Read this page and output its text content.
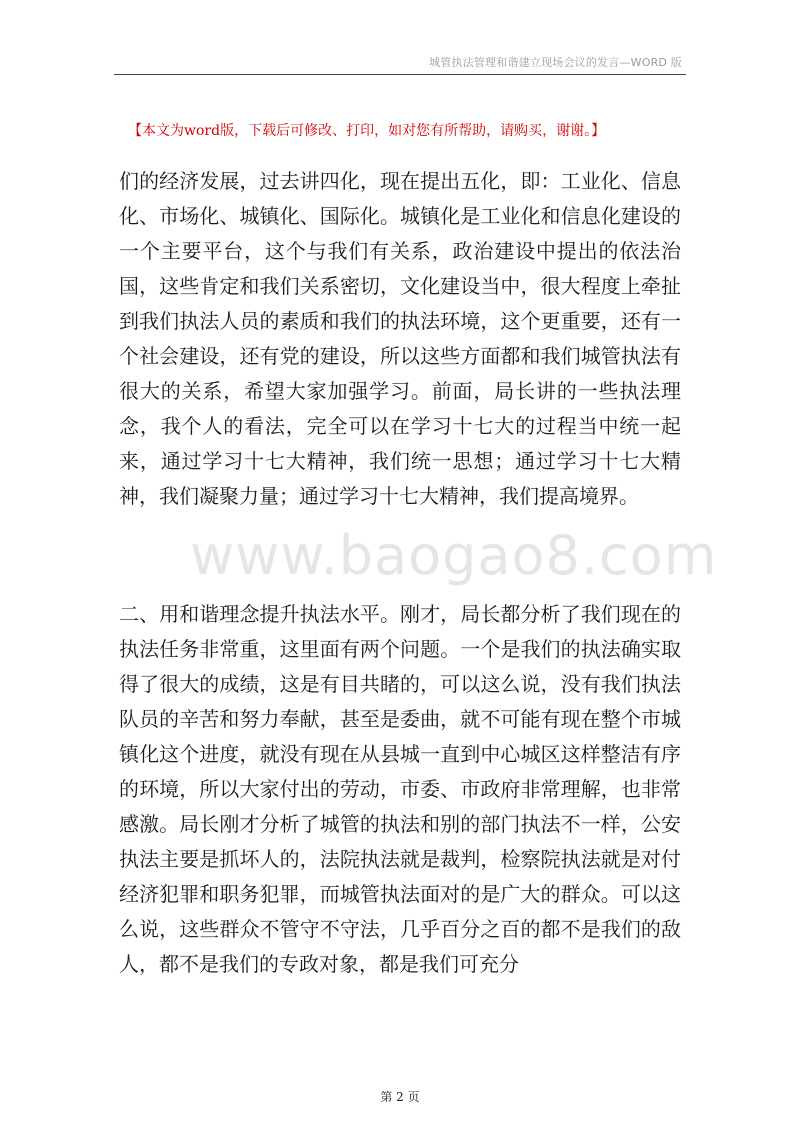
城管执法管理和谐建立现场会议的发言—WORD 版
【本文为word版，下载后可修改、打印，如对您有所帮助，请购买，谢谢。】

们的经济发展，过去讲四化，现在提出五化，即：工业化、信息化、市场化、城镇化、国际化。城镇化是工业化和信息化建设的一个主要平台，这个与我们有关系，政治建设中提出的依法治国，这些肯定和我们关系密切，文化建设当中，很大程度上牵扯到我们执法人员的素质和我们的执法环境，这个更重要，还有一个社会建设，还有党的建设，所以这些方面都和我们城管执法有很大的关系，希望大家加强学习。前面，局长讲的一些执法理念，我个人的看法，完全可以在学习十七大的过程当中统一起来，通过学习十七大精神，我们统一思想；通过学习十七大精神，我们凝聚力量；通过学习十七大精神，我们提高境界。

www.baogao8.com

二、用和谐理念提升执法水平。刚才，局长都分析了我们现在的执法任务非常重，这里面有两个问题。一个是我们的执法确实取得了很大的成绩，这是有目共睹的，可以这么说，没有我们执法队员的辛苦和努力奉献，甚至是委曲，就不可能有现在整个市城镇化这个进度，就没有现在从县城一直到中心城区这样整洁有序的环境，所以大家付出的劳动，市委、市政府非常理解，也非常感激。局长刚才分析了城管的执法和别的部门执法不一样，公安执法主要是抓坏人的，法院执法就是裁判，检察院执法就是对付经济犯罪和职务犯罪，而城管执法面对的是广大的群众。可以这么说，这些群众不管守不守法，几乎百分之百的都不是我们的敌人，都不是我们的专政对象，都是我们可充分

第 2 页
